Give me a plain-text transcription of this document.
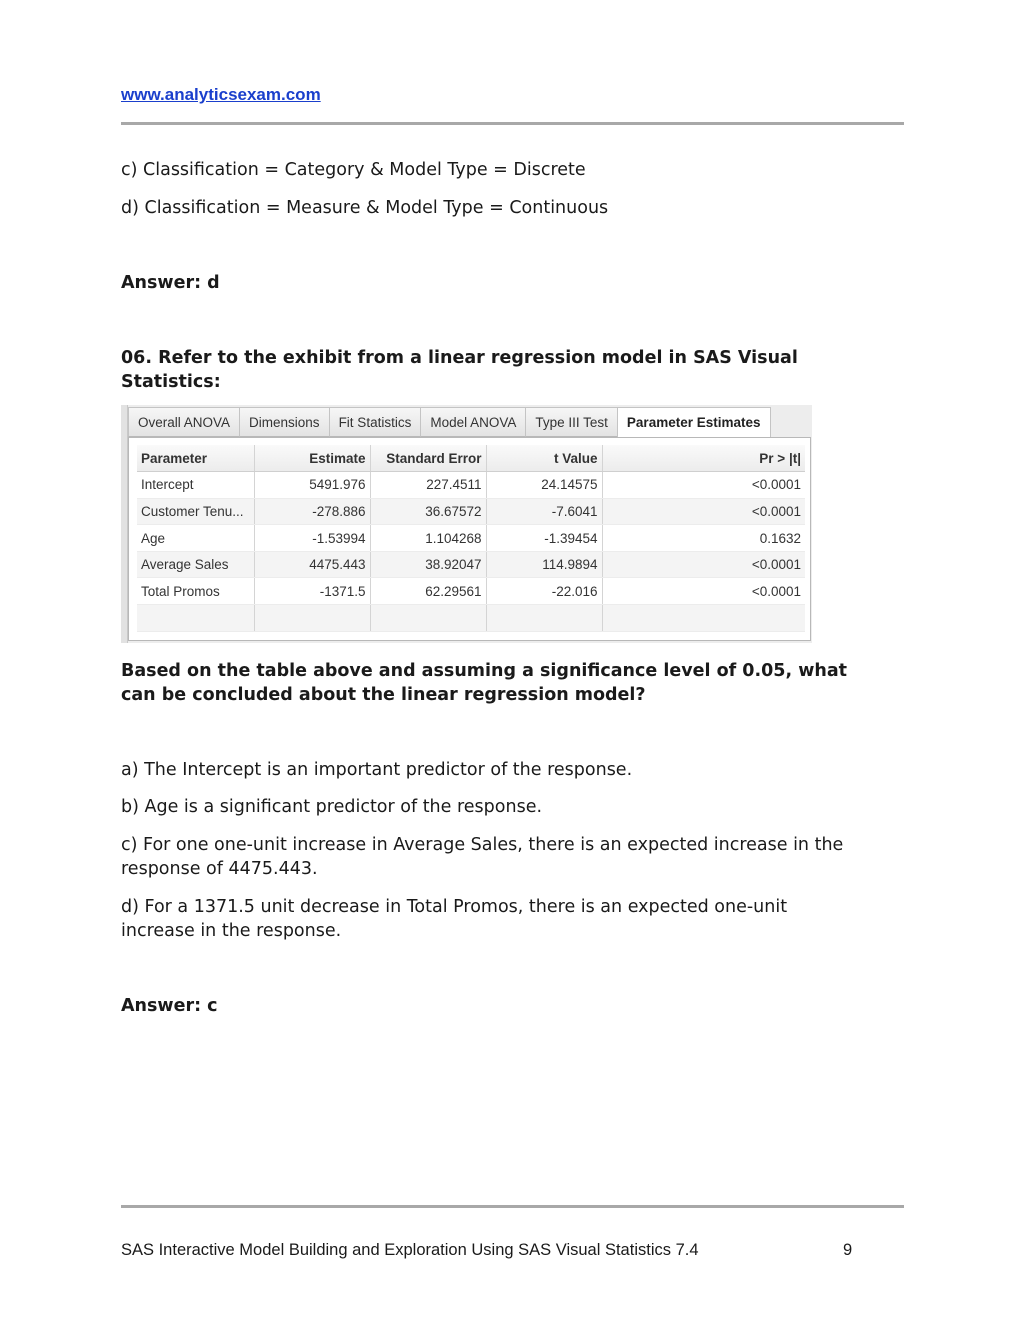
www.analyticsexam.com
c) Classification = Category & Model Type = Discrete
d) Classification = Measure & Model Type = Continuous
Answer: d
06. Refer to the exhibit from a linear regression model in SAS Visual
Statistics:
Overall ANOVA	Dimensions	Fit Statistics	Model ANOVA	Type III Test	Parameter Estimates
Parameter	Estimate	Standard Error	t Value	Pr > |t|
Intercept	5491.976	227.4511	24.14575	<0.0001
Customer Tenu...	-278.886	36.67572	-7.6041	<0.0001
Age	-1.53994	1.104268	-1.39454	0.1632
Average Sales	4475.443	38.92047	114.9894	<0.0001
Total Promos	-1371.5	62.29561	-22.016	<0.0001

Based on the table above and assuming a significance level of 0.05, what
can be concluded about the linear regression model?
a) The Intercept is an important predictor of the response.
b) Age is a significant predictor of the response.
c) For one one-unit increase in Average Sales, there is an expected increase in the
response of 4475.443.
d) For a 1371.5 unit decrease in Total Promos, there is an expected one-unit
increase in the response.
Answer: c
SAS Interactive Model Building and Exploration Using SAS Visual Statistics 7.4	9
